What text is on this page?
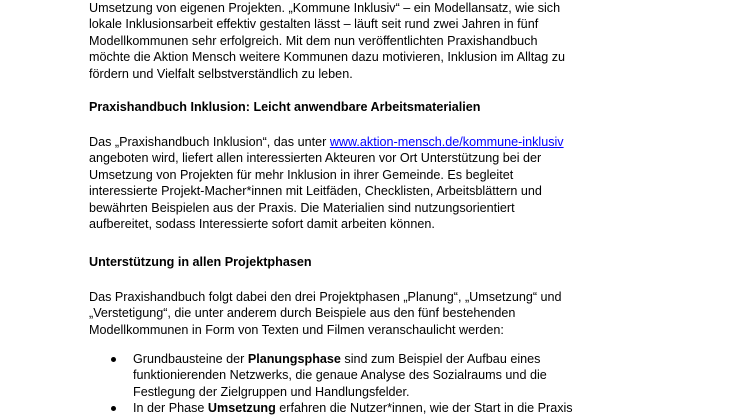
Umsetzung von eigenen Projekten. „Kommune Inklusiv“ – ein Modellansatz, wie sich
lokale Inklusionsarbeit effektiv gestalten lässt – läuft seit rund zwei Jahren in fünf
Modellkommunen sehr erfolgreich. Mit dem nun veröffentlichten Praxishandbuch
möchte die Aktion Mensch weitere Kommunen dazu motivieren, Inklusion im Alltag zu
fördern und Vielfalt selbstverständlich zu leben.
Praxishandbuch Inklusion: Leicht anwendbare Arbeitsmaterialien
Das „Praxishandbuch Inklusion“, das unter www.aktion-mensch.de/kommune-inklusiv
angeboten wird, liefert allen interessierten Akteuren vor Ort Unterstützung bei der
Umsetzung von Projekten für mehr Inklusion in ihrer Gemeinde. Es begleitet
interessierte Projekt-Macher*innen mit Leitfäden, Checklisten, Arbeitsblättern und
bewährten Beispielen aus der Praxis. Die Materialien sind nutzungsorientiert
aufbereitet, sodass Interessierte sofort damit arbeiten können.
Unterstützung in allen Projektphasen
Das Praxishandbuch folgt dabei den drei Projektphasen „Planung“, „Umsetzung“ und
„Verstetigung“, die unter anderem durch Beispiele aus den fünf bestehenden
Modellkommunen in Form von Texten und Filmen veranschaulicht werden:
Grundbausteine der Planungsphase sind zum Beispiel der Aufbau eines
funktionierenden Netzwerks, die genaue Analyse des Sozialraums und die
Festlegung der Zielgruppen und Handlungsfelder.
In der Phase Umsetzung erfahren die Nutzer*innen, wie der Start in die Praxis
